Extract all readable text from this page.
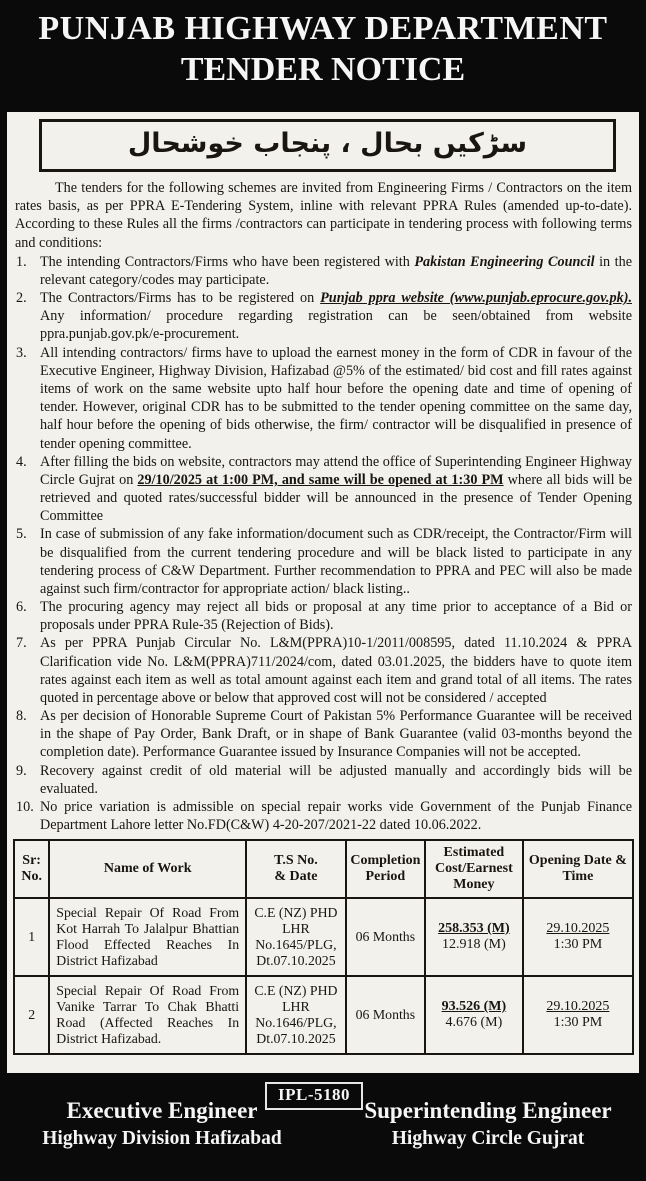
PUNJAB HIGHWAY DEPARTMENT
TENDER NOTICE
سڑکیں بحال ، پنجاب خوشحال

The tenders for the following schemes are invited from Engineering Firms / Contractors on the item rates basis, as per PPRA E-Tendering System, inline with relevant PPRA Rules (amended up-to-date). According to these Rules all the firms /contractors can participate in tendering process with following terms and conditions:

1. The intending Contractors/Firms who have been registered with Pakistan Engineering Council in the relevant category/codes may participate.
2. The Contractors/Firms has to be registered on Punjab ppra website (www.punjab.eprocure.gov.pk). Any information/ procedure regarding registration can be seen/obtained from website ppra.punjab.gov.pk/e-procurement.
3. All intending contractors/ firms have to upload the earnest money in the form of CDR in favour of the Executive Engineer, Highway Division, Hafizabad @5% of the estimated/ bid cost and fill rates against items of work on the same website upto half hour before the opening date and time of opening of tender. However, original CDR has to be submitted to the tender opening committee on the same day, half hour before the opening of bids otherwise, the firm/ contractor will be disqualified in presence of tender opening committee.
4. After filling the bids on website, contractors may attend the office of Superintending Engineer Highway Circle Gujrat on 29/10/2025 at 1:00 PM, and same will be opened at 1:30 PM where all bids will be retrieved and quoted rates/successful bidder will be announced in the presence of Tender Opening Committee
5. In case of submission of any fake information/document such as CDR/receipt, the Contractor/Firm will be disqualified from the current tendering procedure and will be black listed to participate in any tendering process of C&W Department. Further recommendation to PPRA and PEC will also be made against such firm/contractor for appropriate action/ black listing..
6. The procuring agency may reject all bids or proposal at any time prior to acceptance of a Bid or proposals under PPRA Rule-35 (Rejection of Bids).
7. As per PPRA Punjab Circular No. L&M(PPRA)10-1/2011/008595, dated 11.10.2024 & PPRA Clarification vide No. L&M(PPRA)711/2024/com, dated 03.01.2025, the bidders have to quote item rates against each item as well as total amount against each item and grand total of all items. The rates quoted in percentage above or below that approved cost will not be considered / accepted
8. As per decision of Honorable Supreme Court of Pakistan 5% Performance Guarantee will be received in the shape of Pay Order, Bank Draft, or in shape of Bank Guarantee (valid 03-months beyond the completion date). Performance Guarantee issued by Insurance Companies will not be accepted.
9. Recovery against credit of old material will be adjusted manually and accordingly bids will be evaluated.
10. No price variation is admissible on special repair works vide Government of the Punjab Finance Department Lahore letter No.FD(C&W) 4-20-207/2021-22 dated 10.06.2022.
Sr:
No.	Name of Work	T.S No.
& Date	Completion
Period	Estimated
Cost/Earnest
Money	Opening Date &
Time
1	Special Repair Of Road From Kot Harrah To Jalalpur Bhattian Flood Effected Reaches In District Hafizabad	C.E (NZ) PHD
LHR
No.1645/PLG,
Dt.07.10.2025	06 Months	258.353 (M)
12.918 (M)	29.10.2025
1:30 PM
2	Special Repair Of Road From Vanike Tarrar To Chak Bhatti Road (Affected Reaches In District Hafizabad.	C.E (NZ) PHD
LHR
No.1646/PLG,
Dt.07.10.2025	06 Months	93.526 (M)
4.676 (M)	29.10.2025
1:30 PM
IPL-5180
Executive Engineer
Highway Division Hafizabad
Superintending Engineer
Highway Circle Gujrat
